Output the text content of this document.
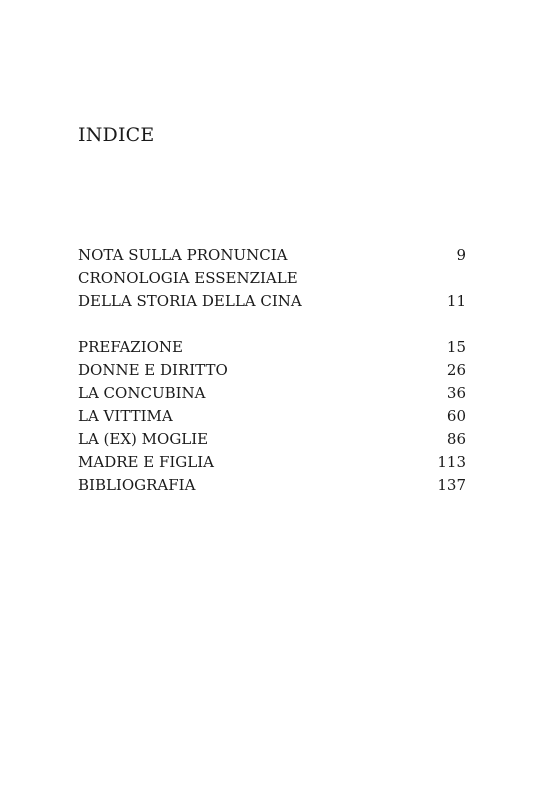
INDICE
NOTA SULLA PRONUNCIA	9
CRONOLOGIA ESSENZIALE
DELLA STORIA DELLA CINA	11
PREFAZIONE	15
DONNE E DIRITTO	26
LA CONCUBINA	36
LA VITTIMA	60
LA (EX) MOGLIE	86
MADRE E FIGLIA	113
BIBLIOGRAFIA	137
